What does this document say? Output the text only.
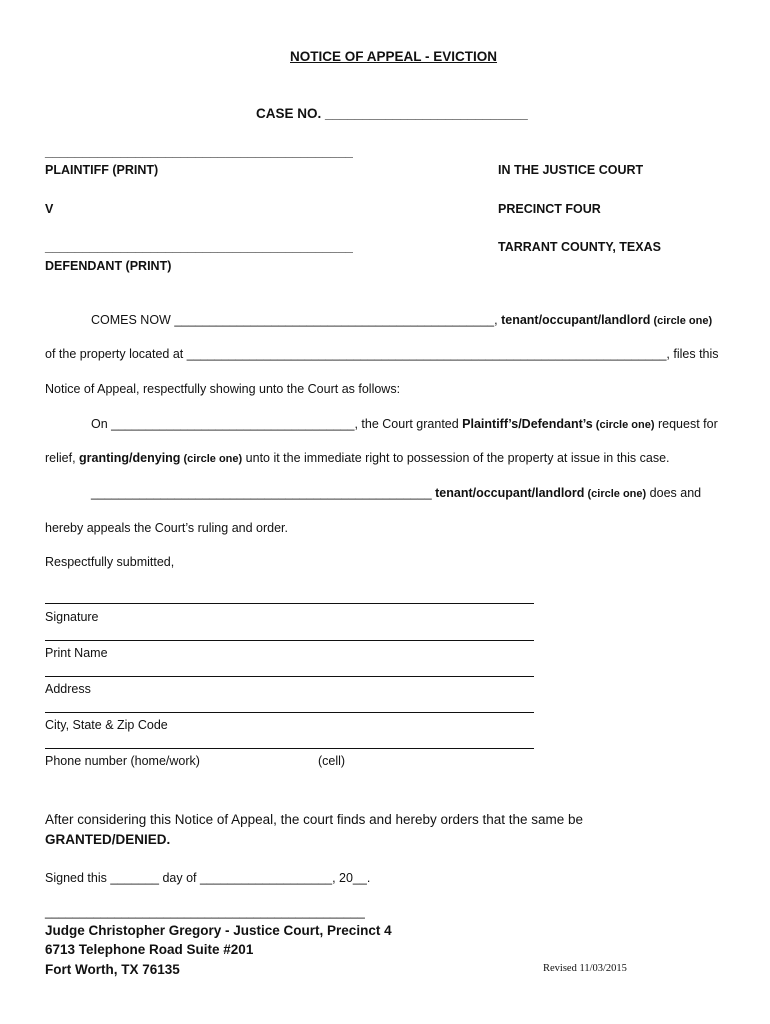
NOTICE OF APPEAL - EVICTION
CASE NO. ___________________________
_________________________________________
PLAINTIFF (PRINT)
V
_________________________________________
DEFENDANT (PRINT)
IN THE JUSTICE COURT
PRECINCT FOUR
TARRANT COUNTY, TEXAS
COMES NOW ______________________________________________, tenant/occupant/landlord (circle one)
of the property located at _____________________________________________________________________, files this
Notice of Appeal, respectfully showing unto the Court as follows:
On ___________________________________, the Court granted Plaintiff’s/Defendant’s (circle one) request for
relief, granting/denying (circle one) unto it the immediate right to possession of the property at issue in this case.
_________________________________________________ tenant/occupant/landlord (circle one) does and
hereby appeals the Court’s ruling and order.
Respectfully submitted,
Signature
Print Name
Address
City, State & Zip Code
Phone number (home/work)	(cell)
After considering this Notice of Appeal, the court finds and hereby orders that the same be
GRANTED/DENIED.
Signed this _______ day of ___________________, 20__.
______________________________________________
Judge Christopher Gregory - Justice Court, Precinct 4
6713 Telephone Road Suite #201
Fort Worth, TX 76135	Revised 11/03/2015
